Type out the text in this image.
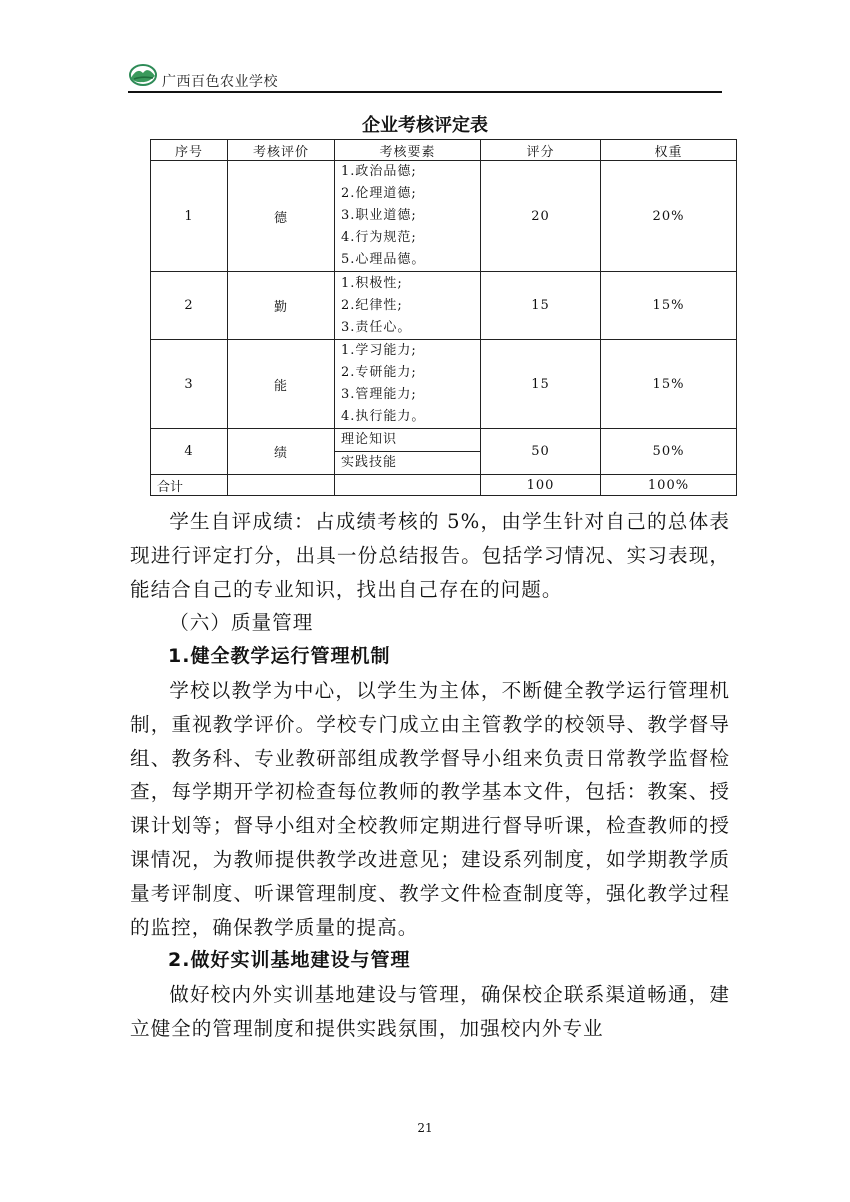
广西百色农业学校
企业考核评定表
序号	考核评价	考核要素	评分	权重
1	德	1.政治品德;
2.伦理道德;
3.职业道德;
4.行为规范;
5.心理品德。	20	20%
2	勤	1.积极性;
2.纪律性;
3.责任心。	15	15%
3	能	1.学习能力;
2.专研能力;
3.管理能力;
4.执行能力。	15	15%
4	绩	理论知识
实践技能	50	50%
合计			100	100%

学生自评成绩：占成绩考核的 5%，由学生针对自己的总体表现进行评定打分，出具一份总结报告。包括学习情况、实习表现，能结合自己的专业知识，找出自己存在的问题。

（六）质量管理

1.健全教学运行管理机制

学校以教学为中心，以学生为主体，不断健全教学运行管理机制，重视教学评价。学校专门成立由主管教学的校领导、教学督导组、教务科、专业教研部组成教学督导小组来负责日常教学监督检查，每学期开学初检查每位教师的教学基本文件，包括：教案、授课计划等；督导小组对全校教师定期进行督导听课，检查教师的授课情况，为教师提供教学改进意见；建设系列制度，如学期教学质量考评制度、听课管理制度、教学文件检查制度等，强化教学过程的监控，确保教学质量的提高。

2.做好实训基地建设与管理

做好校内外实训基地建设与管理，确保校企联系渠道畅通，建立健全的管理制度和提供实践氛围，加强校内外专业

21
